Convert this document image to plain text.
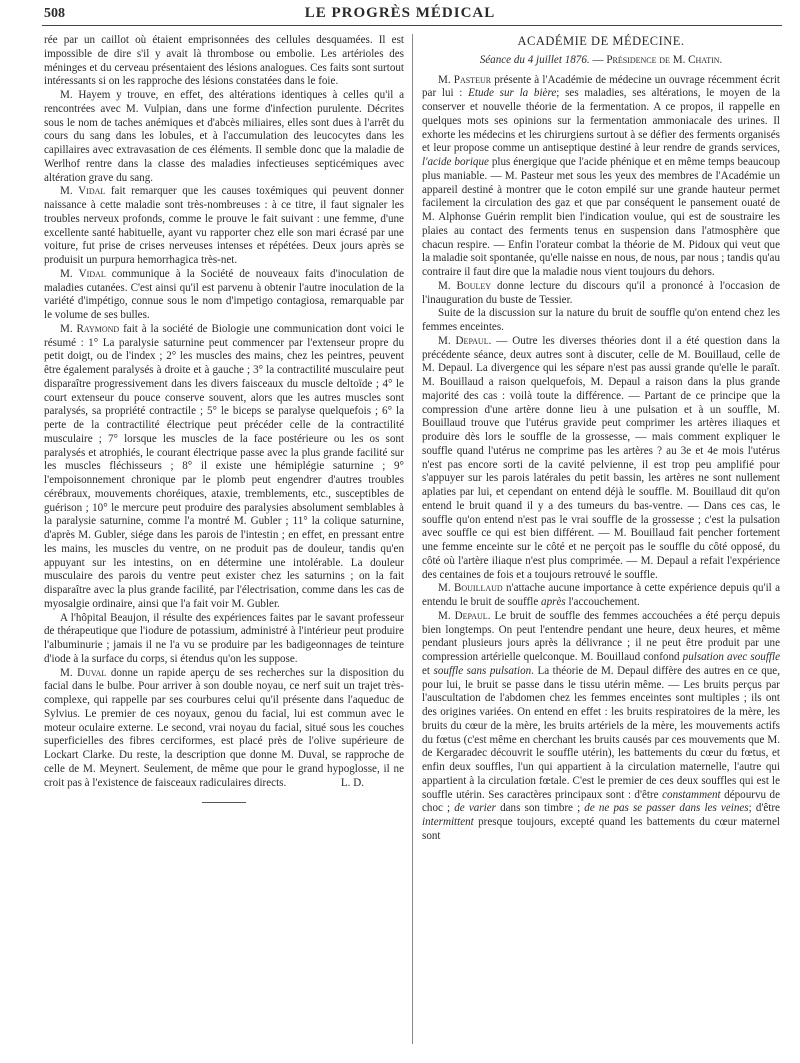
508	LE PROGRÈS MÉDICAL

rée par un caillot où étaient emprisonnées des cellules desquamées. Il est impossible de dire s'il y avait là thrombose ou embolie. Les artérioles des méninges et du cerveau présentaient des lésions analogues. Ces faits sont surtout intéressants si on les rapproche des lésions constatées dans le foie.

M. Hayem y trouve, en effet, des altérations identiques à celles qu'il a rencontrées avec M. Vulpian, dans une forme d'infection purulente. Décrites sous le nom de taches anémiques et d'abcès miliaires, elles sont dues à l'arrêt du cours du sang dans les lobules, et à l'accumulation des leucocytes dans les capillaires avec extravasation de ces éléments. Il semble donc que la maladie de Werlhof rentre dans la classe des maladies infectieuses septicémiques avec altération grave du sang.

M. Vidal fait remarquer que les causes toxémiques qui peuvent donner naissance à cette maladie sont très-nombreuses : à ce titre, il faut signaler les troubles nerveux profonds, comme le prouve le fait suivant : une femme, d'une excellente santé habituelle, ayant vu rapporter chez elle son mari écrasé par une voiture, fut prise de crises nerveuses intenses et répétées. Deux jours après se produisit un purpura hemorrhagica très-net.

M. Vidal communique à la Société de nouveaux faits d'inoculation de maladies cutanées. C'est ainsi qu'il est parvenu à obtenir l'autre inoculation de la variété d'impétigo, connue sous le nom d'impetigo contagiosa, remarquable par le volume de ses bulles.

M. Raymond fait à la société de Biologie une communication dont voici le résumé : 1° La paralysie saturnine peut commencer par l'extenseur propre du petit doigt, ou de l'index ; 2° les muscles des mains, chez les peintres, peuvent être également paralysés à droite et à gauche ; 3° la contractilité musculaire peut disparaître progressivement dans les divers faisceaux du muscle deltoïde ; 4° le court extenseur du pouce conserve souvent, alors que les autres muscles sont paralysés, sa propriété contractile ; 5° le biceps se paralyse quelquefois ; 6° la perte de la contractilité électrique peut précéder celle de la contractilité musculaire ; 7° lorsque les muscles de la face postérieure ou les os sont paralysés et atrophiés, le courant électrique passe avec la plus grande facilité sur les muscles fléchisseurs ; 8° il existe une hémiplégie saturnine ; 9° l'empoisonnement chronique par le plomb peut engendrer d'autres troubles cérébraux, mouvements choréiques, ataxie, tremblements, etc., susceptibles de guérison ; 10° le mercure peut produire des paralysies absolument semblables à la paralysie saturnine, comme l'a montré M. Gubler ; 11° la colique saturnine, d'après M. Gubler, siége dans les parois de l'intestin ; en effet, en pressant entre les mains, les muscles du ventre, on ne produit pas de douleur, tandis qu'en appuyant sur les intestins, on en détermine une intolérable. La douleur musculaire des parois du ventre peut exister chez les saturnins ; on la fait disparaître avec la plus grande facilité, par l'électrisation, comme dans les cas de myosalgie ordinaire, ainsi que l'a fait voir M. Gubler.

A l'hôpital Beaujon, il résulte des expériences faites par le savant professeur de thérapeutique que l'iodure de potassium, administré à l'intérieur peut produire l'albuminurie ; jamais il ne l'a vu se produire par les badigeonnages de teinture d'iode à la surface du corps, si étendus qu'on les suppose.

M. Duval donne un rapide aperçu de ses recherches sur la disposition du facial dans le bulbe. Pour arriver à son double noyau, ce nerf suit un trajet très-complexe, qui rappelle par ses courbures celui qu'il présente dans l'aqueduc de Sylvius. Le premier de ces noyaux, genou du facial, lui est commun avec le moteur oculaire externe. Le second, vrai noyau du facial, situé sous les couches superficielles des fibres cerciformes, est placé près de l'olive supérieure de Lockart Clarke. Du reste, la description que donne M. Duval, se rapproche de celle de M. Meynert. Seulement, de même que pour le grand hypoglosse, il ne croit pas à l'existence de faisceaux radiculaires directs.	L. D.

ACADÉMIE DE MÉDECINE.
Séance du 4 juillet 1876. — Présidence de M. Chatin.

M. Pasteur présente à l'Académie de médecine un ouvrage récemment écrit par lui : Etude sur la bière; ses maladies, ses altérations, le moyen de la conserver et nouvelle théorie de la fermentation. A ce propos, il rappelle en quelques mots ses opinions sur la fermentation ammoniacale des urines. Il exhorte les médecins et les chirurgiens surtout à se défier des ferments organisés et leur propose comme un antiseptique destiné à leur rendre de grands services, l'acide borique plus énergique que l'acide phénique et en même temps beaucoup plus maniable. — M. Pasteur met sous les yeux des membres de l'Académie un appareil destiné à montrer que le coton empilé sur une grande hauteur permet facilement la circulation des gaz et que par conséquent le pansement ouaté de M. Alphonse Guérin remplit bien l'indication voulue, qui est de soustraire les plaies au contact des ferments tenus en suspension dans l'atmosphère que chacun respire. — Enfin l'orateur combat la théorie de M. Pidoux qui veut que la maladie soit spontanée, qu'elle naisse en nous, de nous, par nous ; tandis qu'au contraire il faut dire que la maladie nous vient toujours du dehors.

M. Bouley donne lecture du discours qu'il a prononcé à l'occasion de l'inauguration du buste de Tessier.

Suite de la discussion sur la nature du bruit de souffle qu'on entend chez les femmes enceintes.

M. Depaul. — Outre les diverses théories dont il a été question dans la précédente séance, deux autres sont à discuter, celle de M. Bouillaud, celle de M. Depaul. La divergence qui les sépare n'est pas aussi grande qu'elle le paraît. M. Bouillaud a raison quelquefois, M. Depaul a raison dans la plus grande majorité des cas : voilà toute la différence. — Partant de ce principe que la compression d'une artère donne lieu à une pulsation et à un souffle, M. Bouillaud trouve que l'utérus gravide peut comprimer les artères iliaques et produire dès lors le souffle de la grossesse, — mais comment expliquer le souffle quand l'utérus ne comprime pas les artères ? au 3e et 4e mois l'utérus n'est pas encore sorti de la cavité pelvienne, il est trop peu amplifié pour s'appuyer sur les parois latérales du petit bassin, les artères ne sont nullement aplaties par lui, et cependant on entend déjà le souffle. M. Bouillaud dit qu'on entend le bruit quand il y a des tumeurs du bas-ventre. — Dans ces cas, le souffle qu'on entend n'est pas le vrai souffle de la grossesse ; c'est la pulsation avec souffle ce qui est bien différent. — M. Bouillaud fait pencher fortement une femme enceinte sur le côté et ne perçoit pas le souffle du côté opposé, du côté où l'artère iliaque n'est plus comprimée. — M. Depaul a refait l'expérience des centaines de fois et a toujours retrouvé le souffle.

M. Bouillaud n'attache aucune importance à cette expérience depuis qu'il a entendu le bruit de souffle après l'accouchement.

M. Depaul. Le bruit de souffle des femmes accouchées a été perçu depuis bien longtemps. On peut l'entendre pendant une heure, deux heures, et même pendant plusieurs jours après la délivrance ; il ne peut être produit par une compression artérielle quelconque. M. Bouillaud confond pulsation avec souffle et souffle sans pulsation. La théorie de M. Depaul diffère des autres en ce que, pour lui, le bruit se passe dans le tissu utérin même. — Les bruits perçus par l'auscultation de l'abdomen chez les femmes enceintes sont multiples ; ils ont des origines variées. On entend en effet : les bruits respiratoires de la mère, les bruits du cœur de la mère, les bruits artériels de la mère, les mouvements actifs du fœtus (c'est même en cherchant les bruits causés par ces mouvements que M. de Kergaradec découvrit le souffle utérin), les battements du cœur du fœtus, et enfin deux souffles, l'un qui appartient à la circulation maternelle, l'autre qui appartient à la circulation fœtale. C'est le premier de ces deux souffles qui est le souffle utérin. Ses caractères principaux sont : d'être constamment dépourvu de choc ; de varier dans son timbre ; de ne pas se passer dans les veines; d'être intermittent presque toujours, excepté quand les battements du cœur maternel sont
